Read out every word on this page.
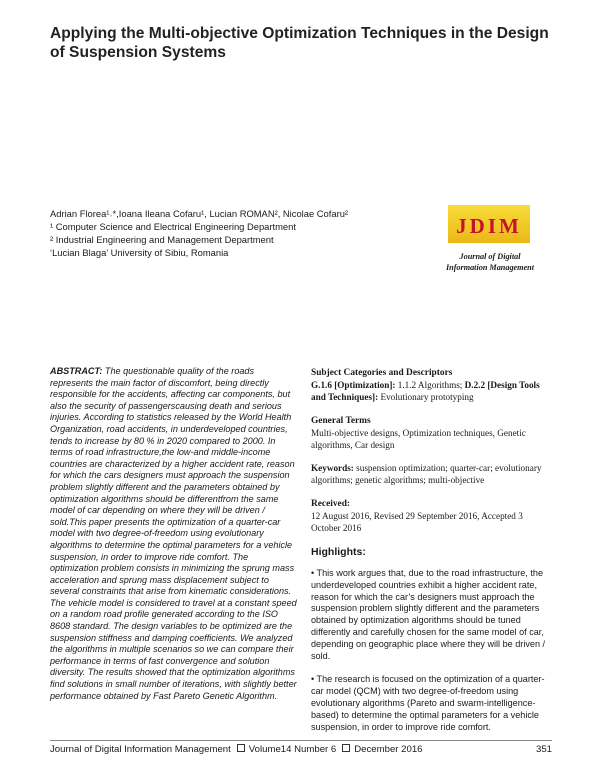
Applying the Multi-objective Optimization Techniques in the Design of Suspension Systems
Adrian Florea¹˒*,Ioana Ileana Cofaru¹, Lucian ROMAN², Nicolae Cofaru²
¹ Computer Science and Electrical Engineering Department
² Industrial Engineering and Management Department
‘Lucian Blaga’ University of Sibiu, Romania
JDIM
Journal of Digital
Information Management

ABSTRACT: The questionable quality of the roads represents the main factor of discomfort, being directly responsible for the accidents, affecting car components, but also the security of passengerscausing death and serious injuries. According to statistics released by the World Health Organization, road accidents, in underdeveloped countries, tends to increase by 80 % in 2020 compared to 2000. In terms of road infrastructure,the low-and middle-income countries are characterized by a higher accident rate, reason for which the cars designers must approach the suspension problem slightly different and the parameters obtained by optimization algorithms should be differentfrom the same model of car depending on where they will be driven / sold.This paper presents the optimization of a quarter-car model with two degree-of-freedom using evolutionary algorithms to determine the optimal parameters for a vehicle suspension, in order to improve ride comfort. The optimization problem consists in minimizing the sprung mass acceleration and sprung mass displacement subject to several constraints that arise from kinematic considerations. The vehicle model is considered to travel at a constant speed on a random road profile generated according to the ISO 8608 standard. The design variables to be optimized are the suspension stiffness and damping coefficients. We analyzed the algorithms in multiple scenarios so we can compare their performance in terms of fast convergence and solution diversity. The results showed that the optimization algorithms find solutions in small number of iterations, with slightly better performance obtained by Fast Pareto Genetic Algorithm.

Subject Categories and Descriptors

G.1.6 [Optimization]: 1.1.2 Algorithms; D.2.2 [Design Tools and Techniques]: Evolutionary prototyping

General Terms

Multi-objective designs, Optimization techniques, Genetic algorithms, Car design

Keywords: suspension optimization; quarter-car; evolutionary algorithms; genetic algorithms; multi-objective

Received:

12 August 2016, Revised 29 September 2016, Accepted 3 October 2016

Highlights:

• This work argues that, due to the road infrastructure, the underdeveloped countries exhibit a higher accident rate, reason for which the car’s designers must approach the suspension problem slightly different and the parameters obtained by optimization algorithms should be tuned differently and carefully chosen for the same model of car, depending on geographic place where they will be driven / sold.

• The research is focused on the optimization of a quarter-car model (QCM) with two degree-of-freedom using evolutionary algorithms (Pareto and swarm-intelligence-based) to determine the optimal parameters for a vehicle suspension, in order to improve ride comfort.

Journal of Digital Information Management Volume14 Number 6 December 2016	351
